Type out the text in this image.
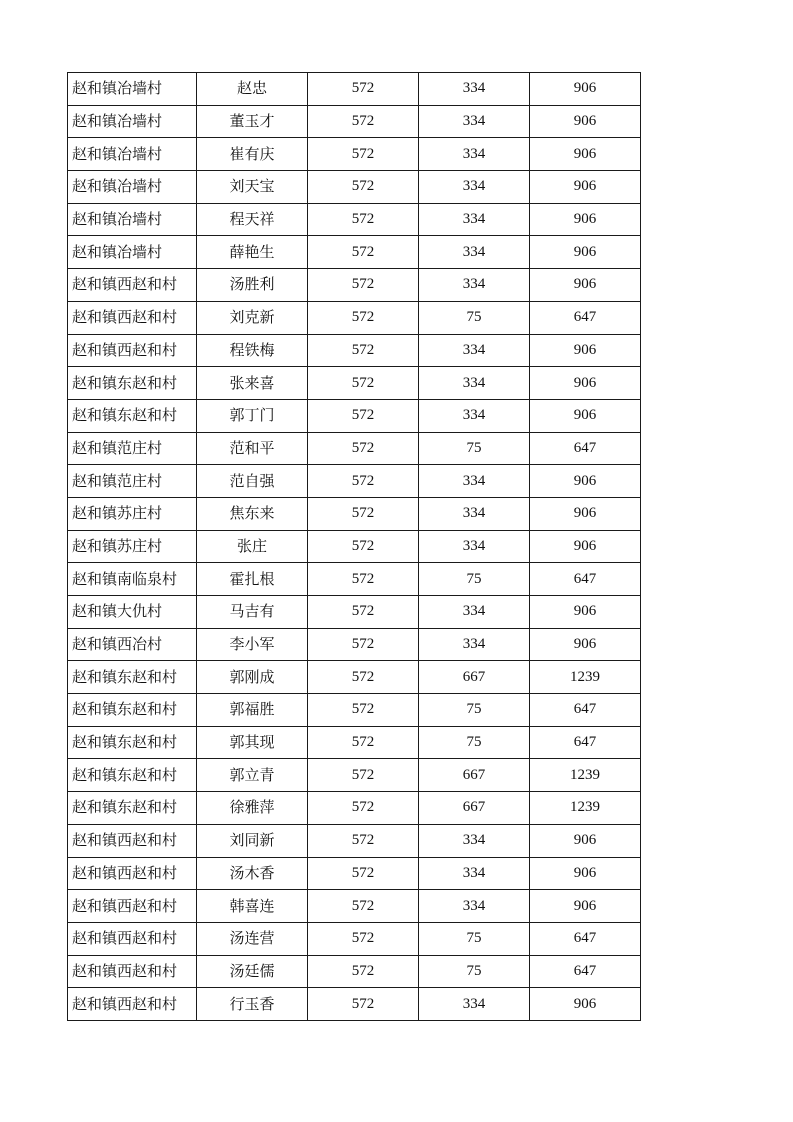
赵和镇冶墙村	赵忠	572	334	906
赵和镇冶墙村	董玉才	572	334	906
赵和镇冶墙村	崔有庆	572	334	906
赵和镇冶墙村	刘天宝	572	334	906
赵和镇冶墙村	程天祥	572	334	906
赵和镇冶墙村	薛艳生	572	334	906
赵和镇西赵和村	汤胜利	572	334	906
赵和镇西赵和村	刘克新	572	75	647
赵和镇西赵和村	程铁梅	572	334	906
赵和镇东赵和村	张来喜	572	334	906
赵和镇东赵和村	郭丁门	572	334	906
赵和镇范庄村	范和平	572	75	647
赵和镇范庄村	范自强	572	334	906
赵和镇苏庄村	焦东来	572	334	906
赵和镇苏庄村	张庄	572	334	906
赵和镇南临泉村	霍扎根	572	75	647
赵和镇大仇村	马吉有	572	334	906
赵和镇西冶村	李小军	572	334	906
赵和镇东赵和村	郭刚成	572	667	1239
赵和镇东赵和村	郭福胜	572	75	647
赵和镇东赵和村	郭其现	572	75	647
赵和镇东赵和村	郭立青	572	667	1239
赵和镇东赵和村	徐雅萍	572	667	1239
赵和镇西赵和村	刘同新	572	334	906
赵和镇西赵和村	汤木香	572	334	906
赵和镇西赵和村	韩喜连	572	334	906
赵和镇西赵和村	汤连营	572	75	647
赵和镇西赵和村	汤廷儒	572	75	647
赵和镇西赵和村	行玉香	572	334	906
